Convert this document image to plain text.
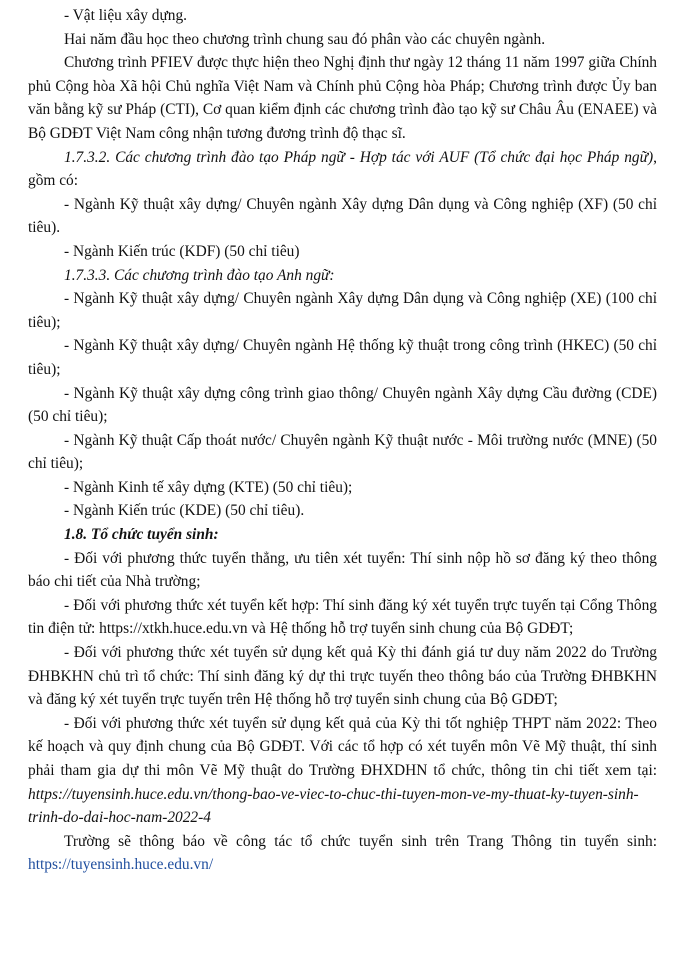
- Vật liệu xây dựng.

Hai năm đầu học theo chương trình chung sau đó phân vào các chuyên ngành.

Chương trình PFIEV được thực hiện theo Nghị định thư ngày 12 tháng 11 năm 1997 giữa Chính phủ Cộng hòa Xã hội Chủ nghĩa Việt Nam và Chính phủ Cộng hòa Pháp; Chương trình được Ủy ban văn bằng kỹ sư Pháp (CTI), Cơ quan kiểm định các chương trình đào tạo kỹ sư Châu Âu (ENAEE) và Bộ GDĐT Việt Nam công nhận tương đương trình độ thạc sĩ.

1.7.3.2. Các chương trình đào tạo Pháp ngữ - Hợp tác với AUF (Tổ chức đại học Pháp ngữ), gồm có:

- Ngành Kỹ thuật xây dựng/ Chuyên ngành Xây dựng Dân dụng và Công nghiệp (XF) (50 chỉ tiêu).

- Ngành Kiến trúc (KDF) (50 chỉ tiêu)

1.7.3.3. Các chương trình đào tạo Anh ngữ:

- Ngành Kỹ thuật xây dựng/ Chuyên ngành Xây dựng Dân dụng và Công nghiệp (XE) (100 chỉ tiêu);

- Ngành Kỹ thuật xây dựng/ Chuyên ngành Hệ thống kỹ thuật trong công trình (HKEC) (50 chỉ tiêu);

- Ngành Kỹ thuật xây dựng công trình giao thông/ Chuyên ngành Xây dựng Cầu đường (CDE) (50 chỉ tiêu);

- Ngành Kỹ thuật Cấp thoát nước/ Chuyên ngành Kỹ thuật nước - Môi trường nước (MNE) (50 chỉ tiêu);

- Ngành Kinh tế xây dựng (KTE) (50 chỉ tiêu);

- Ngành Kiến trúc (KDE) (50 chỉ tiêu).

1.8. Tổ chức tuyển sinh:

- Đối với phương thức tuyển thẳng, ưu tiên xét tuyển: Thí sinh nộp hồ sơ đăng ký theo thông báo chi tiết của Nhà trường;

- Đối với phương thức xét tuyển kết hợp: Thí sinh đăng ký xét tuyển trực tuyến tại Cổng Thông tin điện tử: https://xtkh.huce.edu.vn và Hệ thống hỗ trợ tuyển sinh chung của Bộ GDĐT;

- Đối với phương thức xét tuyển sử dụng kết quả Kỳ thi đánh giá tư duy năm 2022 do Trường ĐHBKHN chủ trì tổ chức: Thí sinh đăng ký dự thi trực tuyến theo thông báo của Trường ĐHBKHN và đăng ký xét tuyển trực tuyến trên Hệ thống hỗ trợ tuyển sinh chung của Bộ GDĐT;

- Đối với phương thức xét tuyển sử dụng kết quả của Kỳ thi tốt nghiệp THPT năm 2022: Theo kế hoạch và quy định chung của Bộ GDĐT. Với các tổ hợp có xét tuyển môn Vẽ Mỹ thuật, thí sinh phải tham gia dự thi môn Vẽ Mỹ thuật do Trường ĐHXDHN tổ chức, thông tin chi tiết xem tại: https://tuyensinh.huce.edu.vn/thong-bao-ve-viec-to-chuc-thi-tuyen-mon-ve-my-thuat-ky-tuyen-sinh-trinh-do-dai-hoc-nam-2022-4

Trường sẽ thông báo về công tác tổ chức tuyển sinh trên Trang Thông tin tuyển sinh: https://tuyensinh.huce.edu.vn/
